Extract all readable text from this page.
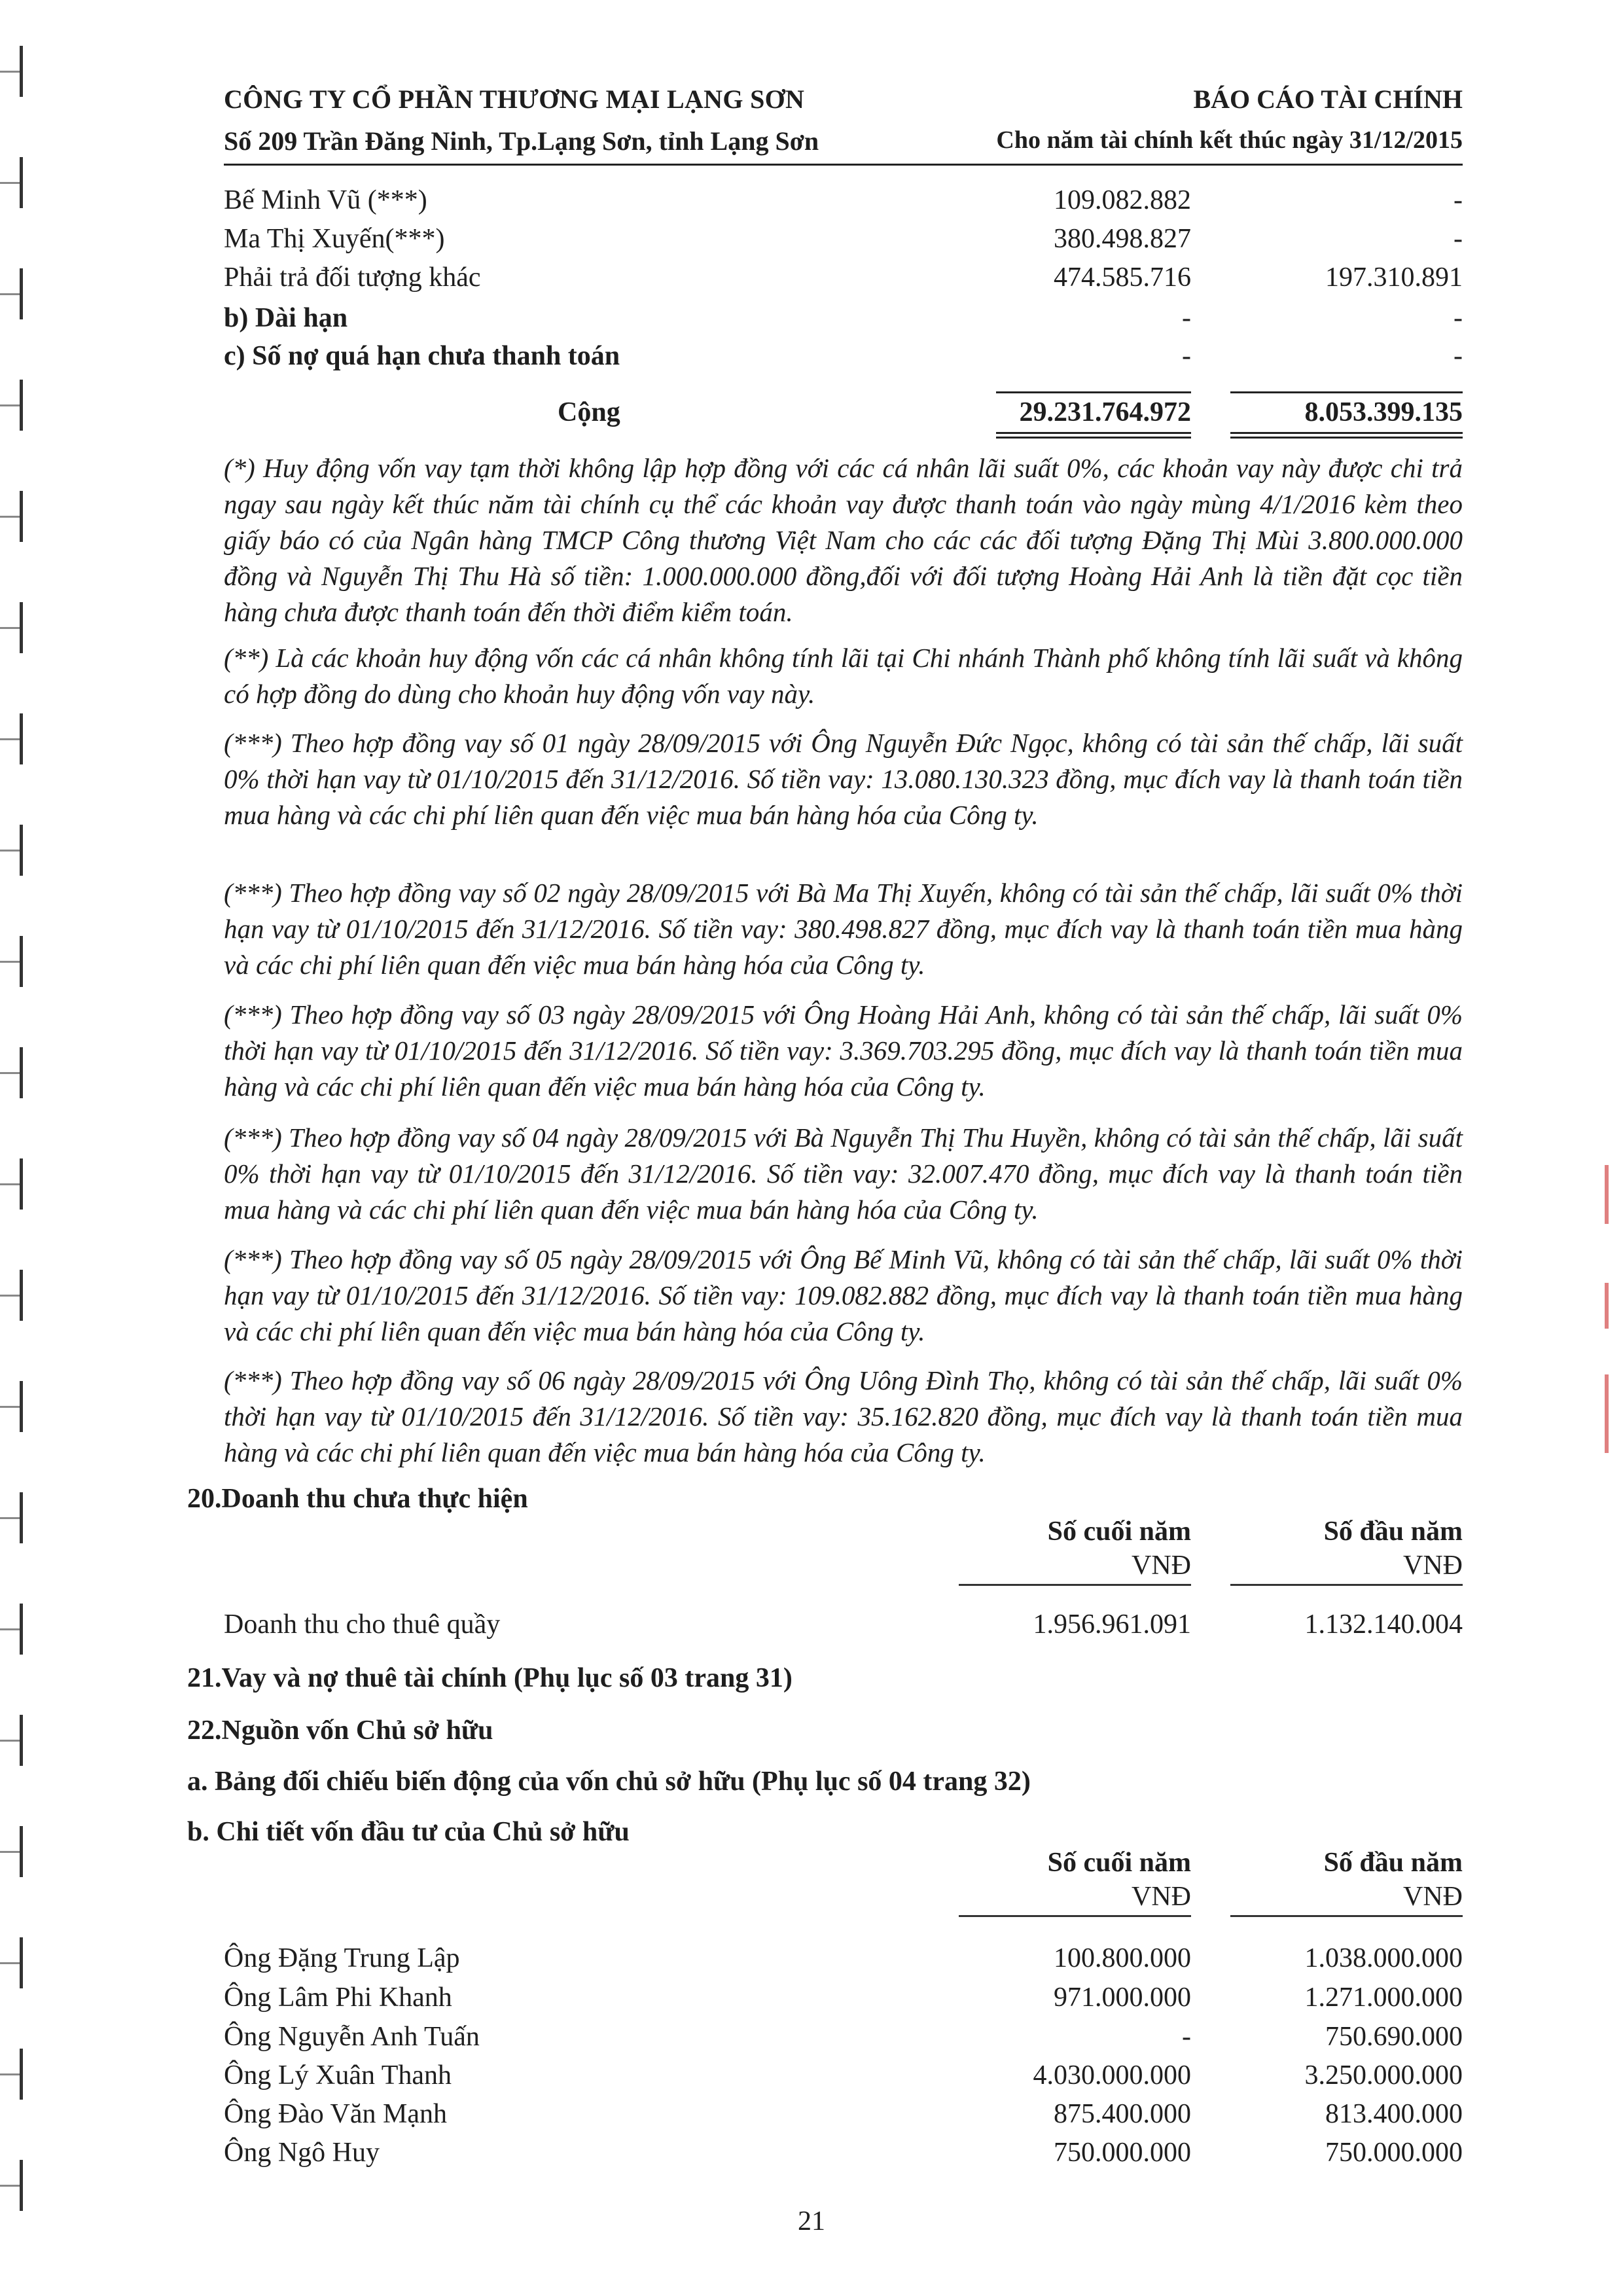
CÔNG TY CỔ PHẦN THƯƠNG MẠI LẠNG SƠN
Số 209 Trần Đăng Ninh, Tp.Lạng Sơn, tỉnh Lạng Sơn
BÁO CÁO TÀI CHÍNH
Cho năm tài chính kết thúc ngày 31/12/2015
Bế Minh Vũ (***)	109.082.882	-
Ma Thị Xuyến(***)	380.498.827	-
Phải trả đối tượng khác	474.585.716	197.310.891
b) Dài hạn	-	-
c) Số nợ quá hạn chưa thanh toán	-	-
Cộng	29.231.764.972	8.053.399.135
(*) Huy động vốn vay tạm thời không lập hợp đồng với các cá nhân lãi suất 0%, các khoản vay này được chi trả ngay sau ngày kết thúc năm tài chính cụ thể các khoản vay được thanh toán vào ngày mùng 4/1/2016 kèm theo giấy báo có của Ngân hàng TMCP Công thương Việt Nam cho các các đối tượng Đặng Thị Mùi 3.800.000.000 đồng và Nguyễn Thị Thu Hà số tiền: 1.000.000.000 đồng,đối với đối tượng Hoàng Hải Anh là tiền đặt cọc tiền hàng chưa được thanh toán đến thời điểm kiểm toán.
(**) Là các khoản huy động vốn các cá nhân không tính lãi tại Chi nhánh Thành phố không tính lãi suất và không có hợp đồng do dùng cho khoản huy động vốn vay này.
(***) Theo hợp đồng vay số 01 ngày 28/09/2015 với Ông Nguyễn Đức Ngọc, không có tài sản thế chấp, lãi suất 0% thời hạn vay từ 01/10/2015 đến 31/12/2016. Số tiền vay: 13.080.130.323 đồng, mục đích vay là thanh toán tiền mua hàng và các chi phí liên quan đến việc mua bán hàng hóa của Công ty.
(***) Theo hợp đồng vay số 02 ngày 28/09/2015 với Bà Ma Thị Xuyến, không có tài sản thế chấp, lãi suất 0% thời hạn vay từ 01/10/2015 đến 31/12/2016. Số tiền vay: 380.498.827 đồng, mục đích vay là thanh toán tiền mua hàng và các chi phí liên quan đến việc mua bán hàng hóa của Công ty.
(***) Theo hợp đồng vay số 03 ngày 28/09/2015 với Ông Hoàng Hải Anh, không có tài sản thế chấp, lãi suất 0% thời hạn vay từ 01/10/2015 đến 31/12/2016. Số tiền vay: 3.369.703.295 đồng, mục đích vay là thanh toán tiền mua hàng và các chi phí liên quan đến việc mua bán hàng hóa của Công ty.
(***) Theo hợp đồng vay số 04 ngày 28/09/2015 với Bà Nguyễn Thị Thu Huyền, không có tài sản thế chấp, lãi suất 0% thời hạn vay từ 01/10/2015 đến 31/12/2016. Số tiền vay: 32.007.470 đồng, mục đích vay là thanh toán tiền mua hàng và các chi phí liên quan đến việc mua bán hàng hóa của Công ty.
(***) Theo hợp đồng vay số 05 ngày 28/09/2015 với Ông Bế Minh Vũ, không có tài sản thế chấp, lãi suất 0% thời hạn vay từ 01/10/2015 đến 31/12/2016. Số tiền vay: 109.082.882 đồng, mục đích vay là thanh toán tiền mua hàng và các chi phí liên quan đến việc mua bán hàng hóa của Công ty.
(***) Theo hợp đồng vay số 06 ngày 28/09/2015 với Ông Uông Đình Thọ, không có tài sản thế chấp, lãi suất 0% thời hạn vay từ 01/10/2015 đến 31/12/2016. Số tiền vay: 35.162.820 đồng, mục đích vay là thanh toán tiền mua hàng và các chi phí liên quan đến việc mua bán hàng hóa của Công ty.
20.Doanh thu chưa thực hiện
Số cuối năm	Số đầu năm
VNĐ	VNĐ
Doanh thu cho thuê quầy	1.956.961.091	1.132.140.004
21.Vay và nợ thuê tài chính (Phụ lục số 03 trang 31)
22.Nguồn vốn Chủ sở hữu
a. Bảng đối chiếu biến động của vốn chủ sở hữu (Phụ lục số 04 trang 32)
b. Chi tiết vốn đầu tư của Chủ sở hữu
Số cuối năm	Số đầu năm
VNĐ	VNĐ
Ông Đặng Trung Lập	100.800.000	1.038.000.000
Ông Lâm Phi Khanh	971.000.000	1.271.000.000
Ông Nguyễn Anh Tuấn	-	750.690.000
Ông Lý Xuân Thanh	4.030.000.000	3.250.000.000
Ông Đào Văn Mạnh	875.400.000	813.400.000
Ông Ngô Huy	750.000.000	750.000.000
21
